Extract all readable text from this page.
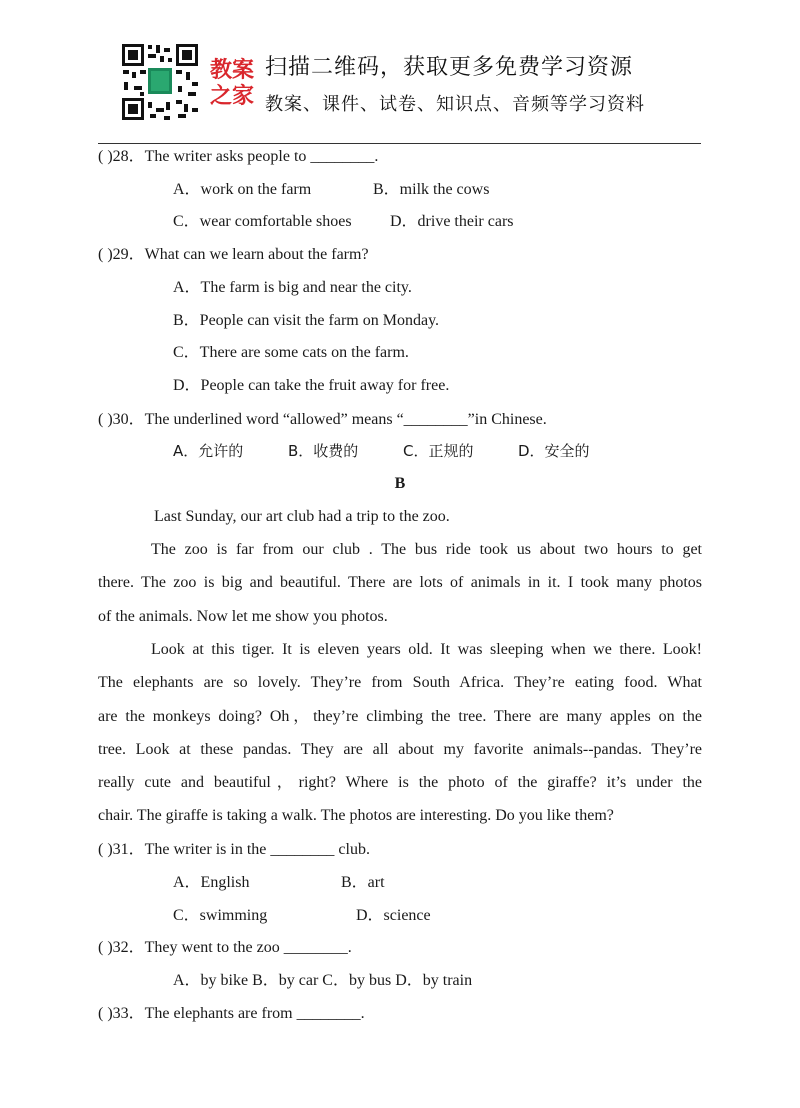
教案
之家
扫描二维码，获取更多免费学习资源
教案、课件、试卷、知识点、音频等学习资料
( )28．The writer asks people to ________.
A．work on the farm	B．milk the cows
C．wear comfortable shoes D．drive their cars
( )29．What can we learn about the farm?
A．The farm is big and near the city.
B．People can visit the farm on Monday.
C．There are some cats on the farm.
D．People can take the fruit away for free.
( )30．The underlined word “allowed” means “________”in Chinese.
A．允许的	B．收费的	C．正规的	D．安全的
B
Last Sunday, our art club had a trip to the zoo.
The zoo is far from our club . The bus ride took us about two hours to get
there. The zoo is big and beautiful. There are lots of animals in it. I took many photos
of the animals. Now let me show you photos.
Look at this tiger. It is eleven years old. It was sleeping when we there. Look!
The elephants are so lovely. They’re from South Africa. They’re eating food. What
are the monkeys doing? Oh，they’re climbing the tree. There are many apples on the
tree. Look at these pandas. They are all about my favorite animals--pandas. They’re
really cute and beautiful，right? Where is the photo of the giraffe? it’s under the
chair. The giraffe is taking a walk. The photos are interesting. Do you like them?
( )31．The writer is in the ________ club.
A．English	B．art
C．swimming	D．science
( )32．They went to the zoo ________.
A．by bike B．by car C．by bus D．by train
( )33．The elephants are from ________.
